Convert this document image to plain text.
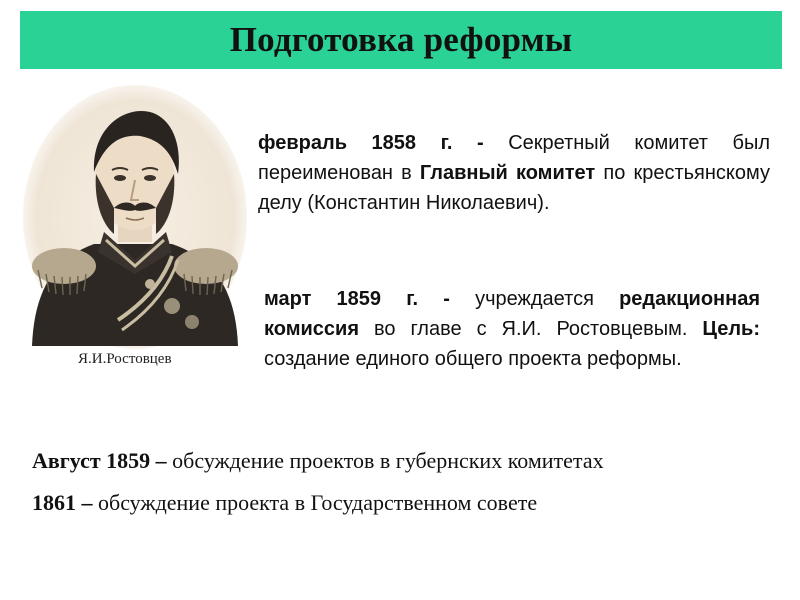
Подготовка реформы
Я.И.Ростовцев
февраль 1858 г. - Секретный комитет был переименован в Главный комитет по крестьянскому делу (Константин Николаевич).
март 1859 г. - учреждается редакционная комиссия во главе с Я.И. Ростовцевым. Цель: создание единого общего проекта реформы.
Август 1859 – обсуждение проектов в губернских комитетах
1861 – обсуждение проекта в Государственном совете
